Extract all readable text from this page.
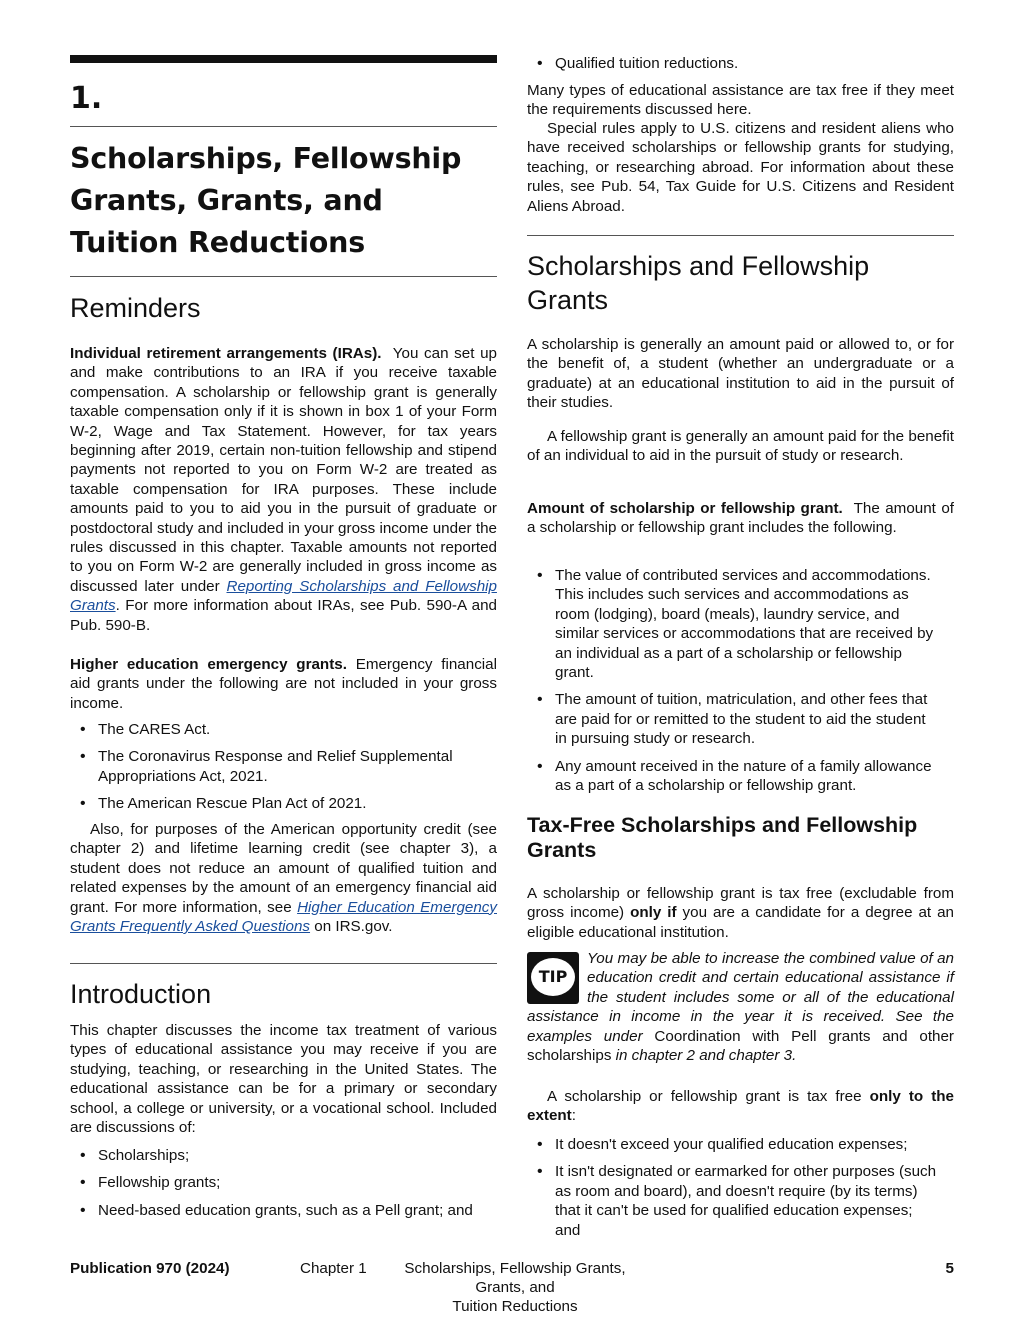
1.
Scholarships, Fellowship Grants, Grants, and Tuition Reductions
Reminders

Individual retirement arrangements (IRAs). You can set up and make contributions to an IRA if you receive taxable compensation. A scholarship or fellowship grant is generally taxable compensation only if it is shown in box 1 of your Form W-2, Wage and Tax Statement. However, for tax years beginning after 2019, certain non-tuition fellowship and stipend payments not reported to you on Form W-2 are treated as taxable compensation for IRA purposes. These include amounts paid to you to aid you in the pursuit of graduate or postdoctoral study and included in your gross income under the rules discussed in this chapter. Taxable amounts not reported to you on Form W-2 are generally included in gross income as discussed later under Reporting Scholarships and Fellowship Grants. For more information about IRAs, see Pub. 590-A and Pub. 590-B.

Higher education emergency grants. Emergency financial aid grants under the following are not included in your gross income.

• The CARES Act.
• The Coronavirus Response and Relief Supplemental Appropriations Act, 2021.
• The American Rescue Plan Act of 2021.

Also, for purposes of the American opportunity credit (see chapter 2) and lifetime learning credit (see chapter 3), a student does not reduce an amount of qualified tuition and related expenses by the amount of an emergency financial aid grant. For more information, see Higher Education Emergency Grants Frequently Asked Questions on IRS.gov.

Introduction

This chapter discusses the income tax treatment of various types of educational assistance you may receive if you are studying, teaching, or researching in the United States. The educational assistance can be for a primary or secondary school, a college or university, or a vocational school. Included are discussions of:

• Scholarships;
• Fellowship grants;
• Need-based education grants, such as a Pell grant; and
• Qualified tuition reductions.

Many types of educational assistance are tax free if they meet the requirements discussed here.

Special rules apply to U.S. citizens and resident aliens who have received scholarships or fellowship grants for studying, teaching, or researching abroad. For information about these rules, see Pub. 54, Tax Guide for U.S. Citizens and Resident Aliens Abroad.

A scholarship is generally an amount paid or allowed to, or for the benefit of, a student (whether an undergraduate or a graduate) at an educational institution to aid in the pursuit of their studies.

A fellowship grant is generally an amount paid for the benefit of an individual to aid in the pursuit of study or research.

Amount of scholarship or fellowship grant. The amount of a scholarship or fellowship grant includes the following.

• The value of contributed services and accommodations. This includes such services and accommodations as room (lodging), board (meals), laundry service, and similar services or accommodations that are received by an individual as a part of a scholarship or fellowship grant.
• The amount of tuition, matriculation, and other fees that are paid for or remitted to the student to aid the student in pursuing study or research.
• Any amount received in the nature of a family allowance as a part of a scholarship or fellowship grant.

A scholarship or fellowship grant is tax free (excludable from gross income) only if you are a candidate for a degree at an eligible educational institution.

You may be able to increase the combined value of an education credit and certain educational assistance if the student includes some or all of the educational assistance in income in the year it is received. See the examples under Coordination with Pell grants and other scholarships in chapter 2 and chapter 3.

A scholarship or fellowship grant is tax free only to the extent:

• It doesn't exceed your qualified education expenses;
• It isn't designated or earmarked for other purposes (such as room and board), and doesn't require (by its terms) that it can't be used for qualified education expenses; and
Scholarships and Fellowship Grants
Tax-Free Scholarships and Fellowship Grants
TIP
Publication 970 (2024)	Chapter 1	Scholarships, Fellowship Grants, Grants, and
Tuition Reductions
5
